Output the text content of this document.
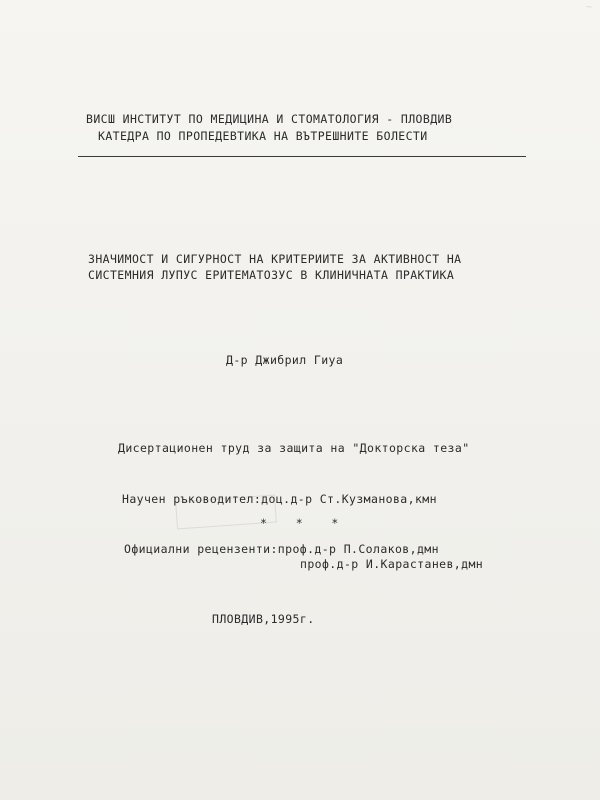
~
ВИСШ ИНСТИТУТ ПО МЕДИЦИНА И СТОМАТОЛОГИЯ - ПЛОВДИВ
КАТЕДРА ПО ПРОПЕДЕВТИКА НА ВЪТРЕШНИТЕ БОЛЕСТИ
ЗНАЧИМОСТ И СИГУРНОСТ НА КРИТЕРИИТЕ ЗА АКТИВНОСТ НА
СИСТЕМНИЯ ЛУПУС ЕРИТЕМАТОЗУС В КЛИНИЧНАТА ПРАКТИКА
Д-р Джибрил Гиуа
Дисертационен труд за защита на "Докторска теза"
Научен ръководител:доц.д-р Ст.Кузманова,кмн
*   *   *
Официални рецензенти:проф.д-р П.Солаков,дмн
проф.д-р И.Карастанев,дмн
ПЛОВДИВ,1995г.
